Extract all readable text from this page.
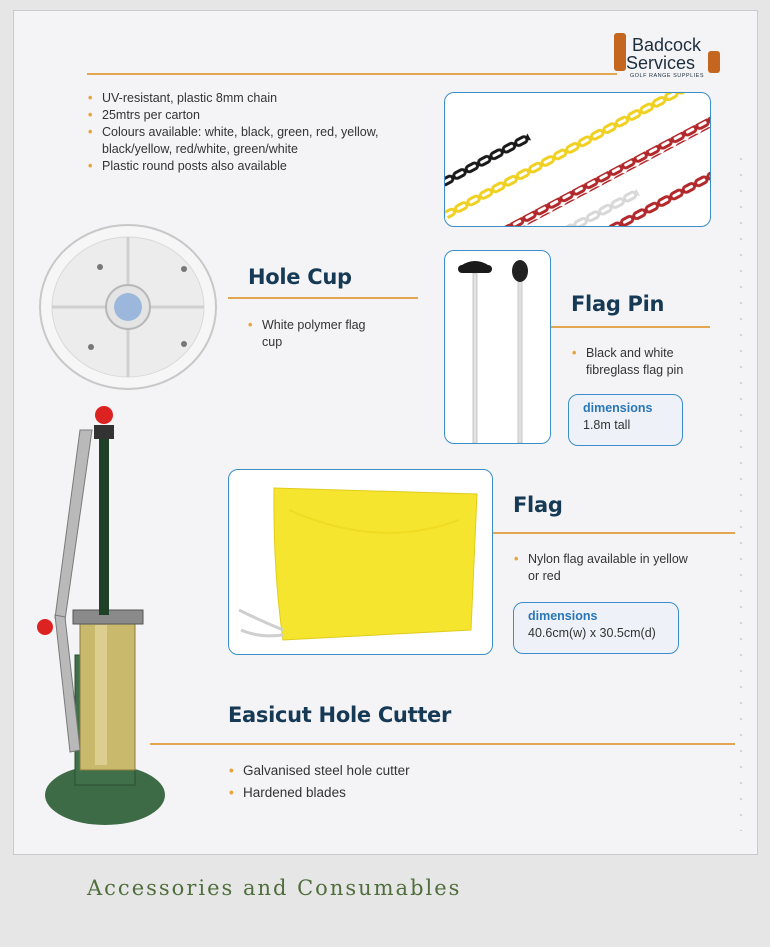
Badcock
Services
GOLF RANGE SUPPLIES
• UV-resistant, plastic 8mm chain
• 25mtrs per carton
• Colours available: white, black, green, red, yellow, black/yellow, red/white, green/white
• Plastic round posts also available
Hole Cup
• White polymer flag cup
Flag Pin
• Black and white fibreglass flag pin
dimensions
1.8m tall
Flag
• Nylon flag available in yellow or red
dimensions
40.6cm(w) x 30.5cm(d)
Easicut Hole Cutter
• Galvanised steel hole cutter
• Hardened blades
Accessories and Consumables
